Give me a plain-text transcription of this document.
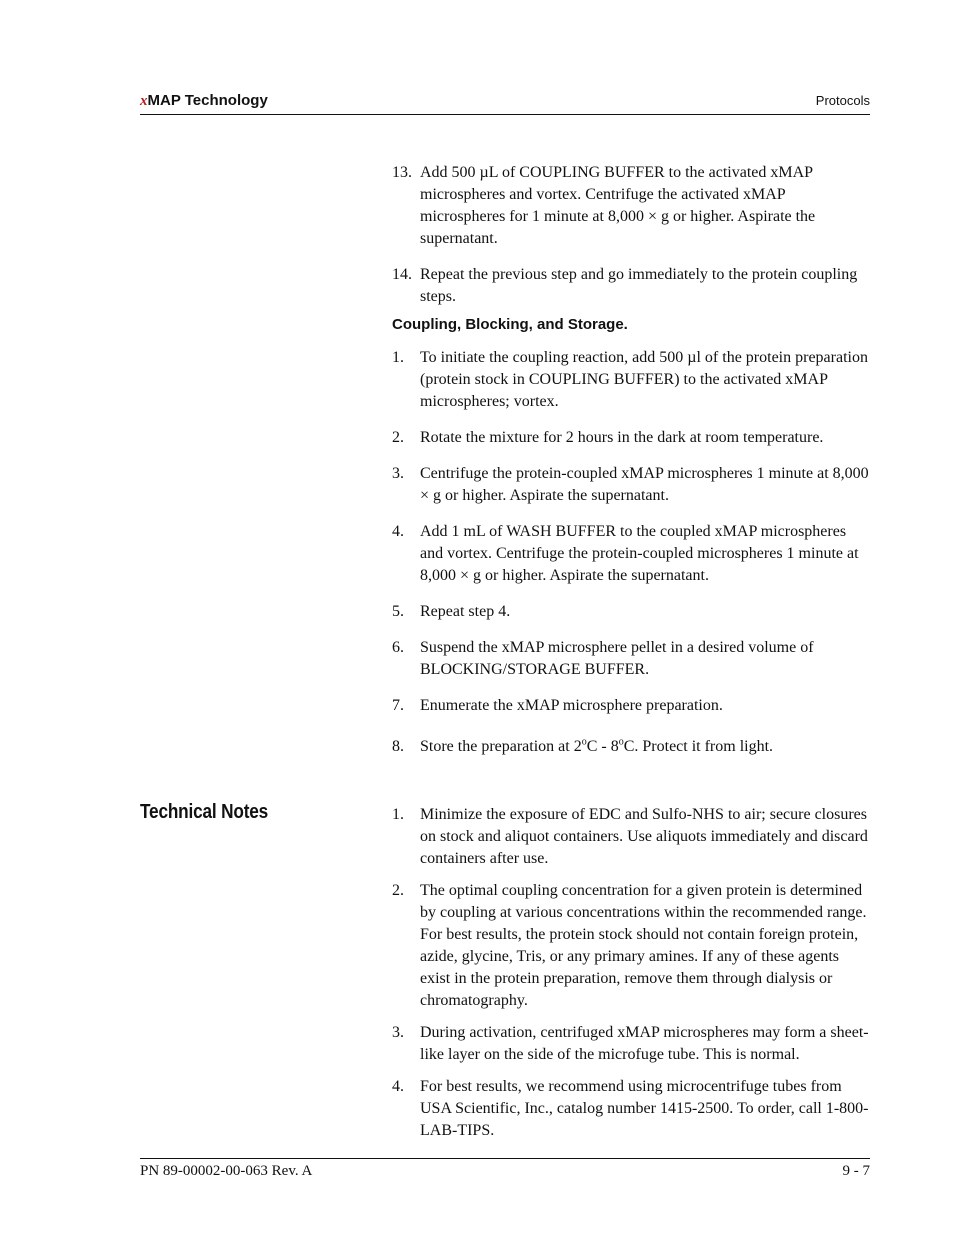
xMAP Technology	Protocols
13. Add 500 µL of COUPLING BUFFER to the activated xMAP microspheres and vortex. Centrifuge the activated xMAP microspheres for 1 minute at 8,000 × g or higher. Aspirate the supernatant.
14. Repeat the previous step and go immediately to the protein coupling steps.
Coupling, Blocking, and Storage.
1.	To initiate the coupling reaction, add 500 µl of the protein preparation (protein stock in COUPLING BUFFER) to the activated xMAP microspheres; vortex.
2.	Rotate the mixture for 2 hours in the dark at room temperature.
3.	Centrifuge the protein-coupled xMAP microspheres 1 minute at 8,000 × g or higher. Aspirate the supernatant.
4.	Add 1 mL of WASH BUFFER to the coupled xMAP microspheres and vortex. Centrifuge the protein-coupled microspheres 1 minute at 8,000 × g or higher. Aspirate the supernatant.
5.	Repeat step 4.
6.	Suspend the xMAP microsphere pellet in a desired volume of BLOCKING/STORAGE BUFFER.
7.	Enumerate the xMAP microsphere preparation.
8.	Store the preparation at 2$^o$C - 8$^o$C. Protect it from light.
Technical Notes	1.	Minimize the exposure of EDC and Sulfo-NHS to air; secure closures on stock and aliquot containers. Use aliquots immediately and discard containers after use.
2.	The optimal coupling concentration for a given protein is determined by coupling at various concentrations within the recommended range. For best results, the protein stock should not contain foreign protein, azide, glycine, Tris, or any primary amines. If any of these agents exist in the protein preparation, remove them through dialysis or chromatography.
3.	During activation, centrifuged xMAP microspheres may form a sheet-like layer on the side of the microfuge tube. This is normal.
4.	For best results, we recommend using microcentrifuge tubes from USA Scientific, Inc., catalog number 1415-2500. To order, call 1-800-LAB-TIPS.
PN 89-00002-00-063 Rev. A	9 - 7
